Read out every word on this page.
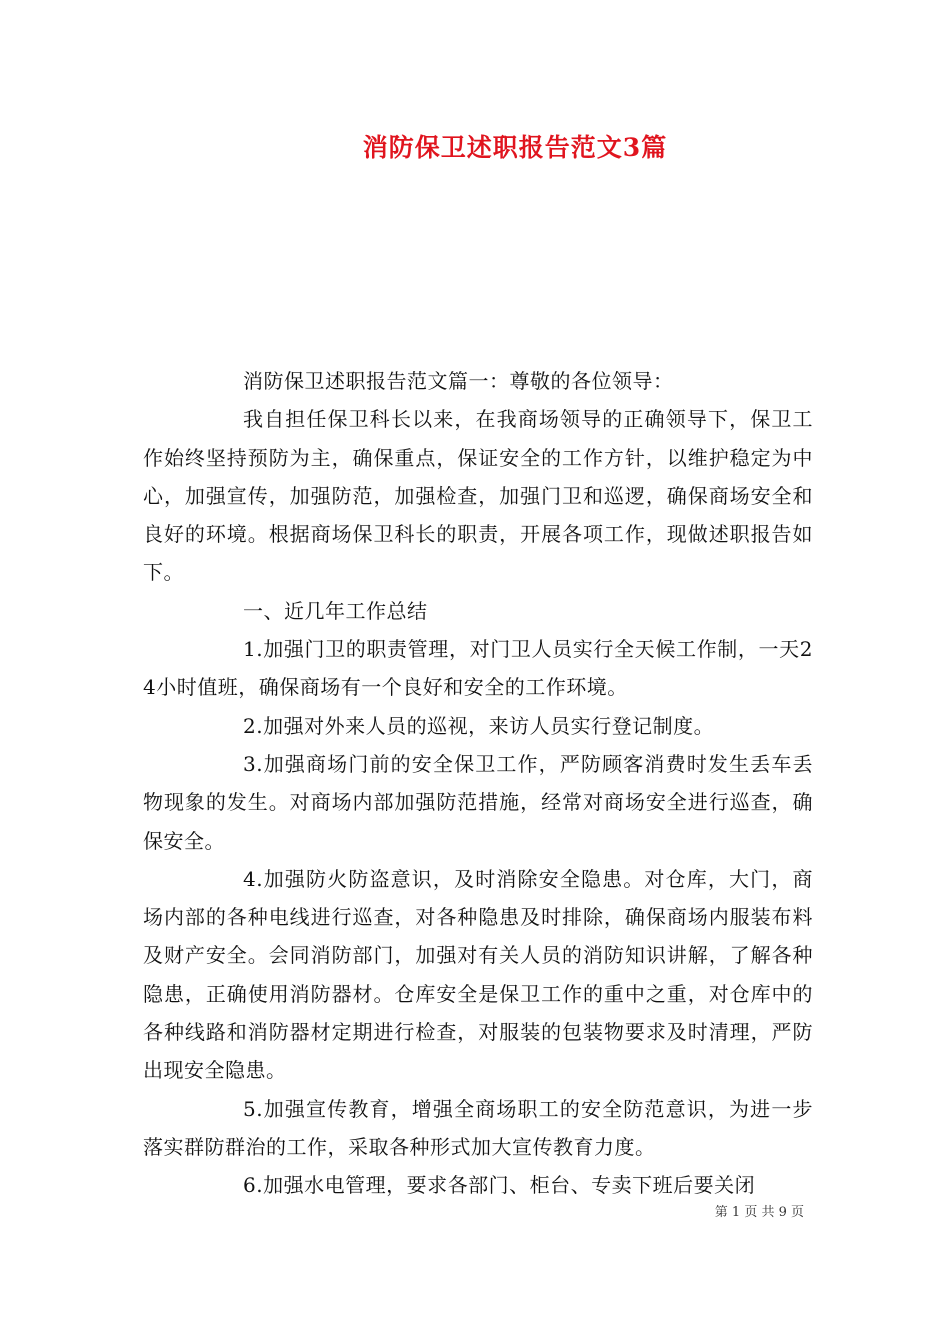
消防保卫述职报告范文3篇

消防保卫述职报告范文篇一：尊敬的各位领导：

我自担任保卫科长以来，在我商场领导的正确领导下，保卫工作始终坚持预防为主，确保重点，保证安全的工作方针，以维护稳定为中心，加强宣传，加强防范，加强检查，加强门卫和巡逻，确保商场安全和良好的环境。根据商场保卫科长的职责，开展各项工作，现做述职报告如下。

一、近几年工作总结

1.加强门卫的职责管理，对门卫人员实行全天候工作制，一天24小时值班，确保商场有一个良好和安全的工作环境。

2.加强对外来人员的巡视，来访人员实行登记制度。

3.加强商场门前的安全保卫工作，严防顾客消费时发生丢车丢物现象的发生。对商场内部加强防范措施，经常对商场安全进行巡查，确保安全。

4.加强防火防盗意识，及时消除安全隐患。对仓库，大门，商场内部的各种电线进行巡查，对各种隐患及时排除，确保商场内服装布料及财产安全。会同消防部门，加强对有关人员的消防知识讲解，了解各种隐患，正确使用消防器材。仓库安全是保卫工作的重中之重，对仓库中的各种线路和消防器材定期进行检查，对服装的包装物要求及时清理，严防出现安全隐患。

5.加强宣传教育，增强全商场职工的安全防范意识，为进一步落实群防群治的工作，采取各种形式加大宣传教育力度。

6.加强水电管理，要求各部门、柜台、专卖下班后要关闭

第 1 页 共 9 页
